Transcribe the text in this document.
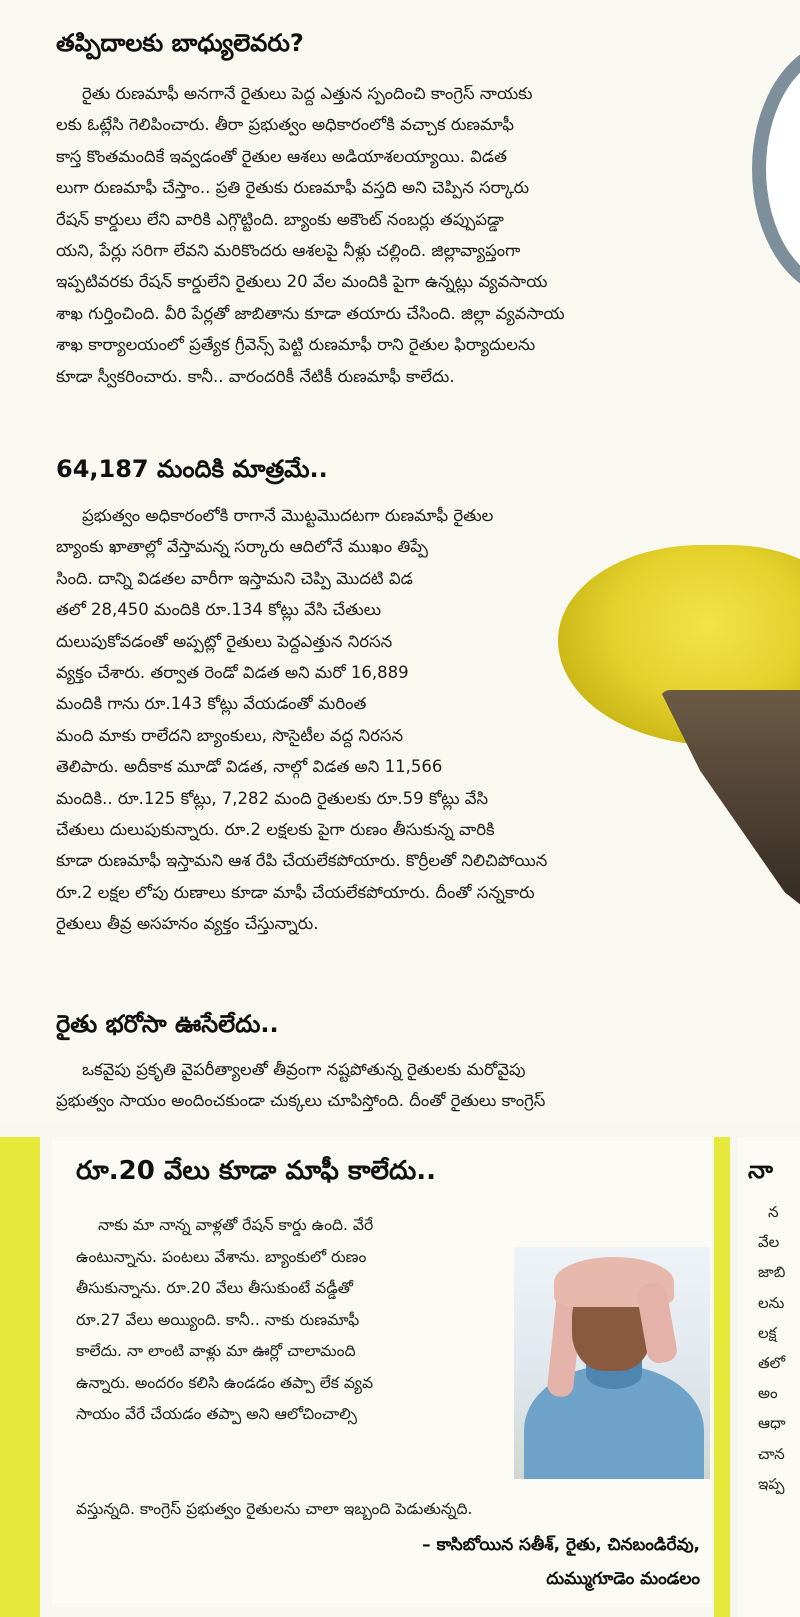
తప్పిదాలకు బాధ్యులెవరు?
రైతు రుణమాఫీ అనగానే రైతులు పెద్ద ఎత్తున స్పందించి కాంగ్రెస్ నాయకు
లకు ఓట్లేసి గెలిపించారు. తీరా ప్రభుత్వం అధికారంలోకి వచ్చాక రుణమాఫీ
కాస్త కొంతమందికే ఇవ్వడంతో రైతుల ఆశలు అడియాశలయ్యాయి. విడత
లుగా రుణమాఫీ చేస్తాం.. ప్రతి రైతుకు రుణమాఫీ వస్తది అని చెప్పిన సర్కారు
రేషన్ కార్డులు లేని వారికి ఎగ్గొట్టింది. బ్యాంకు అకౌంట్ నంబర్లు తప్పుపడ్డా
యని, పేర్లు సరిగా లేవని మరికొందరు ఆశలపై నీళ్లు చల్లింది. జిల్లావ్యాప్తంగా
ఇప్పటివరకు రేషన్ కార్డులేని రైతులు 20 వేల మందికి పైగా ఉన్నట్లు వ్యవసాయ
శాఖ గుర్తించింది. వీరి పేర్లతో జాబితాను కూడా తయారు చేసింది. జిల్లా వ్యవసాయ
శాఖ కార్యాలయంలో ప్రత్యేక గ్రీవెన్స్ పెట్టి రుణమాఫీ రాని రైతుల ఫిర్యాదులను
కూడా స్వీకరించారు. కానీ.. వారందరికీ నేటికీ రుణమాఫీ కాలేదు.
64,187 మందికి మాత్రమే..
ప్రభుత్వం అధికారంలోకి రాగానే మొట్టమొదటగా రుణమాఫీ రైతుల
బ్యాంకు ఖాతాల్లో వేస్తామన్న సర్కారు ఆదిలోనే ముఖం తిప్పే
సింది. దాన్ని విడతల వారీగా ఇస్తామని చెప్పి మొదటి విడ
తలో 28,450 మందికి రూ.134 కోట్లు వేసి చేతులు
దులుపుకోవడంతో అప్పట్లో రైతులు పెద్దఎత్తున నిరసన
వ్యక్తం చేశారు. తర్వాత రెండో విడత అని మరో 16,889
మందికి గాను రూ.143 కోట్లు వేయడంతో మరింత
మంది మాకు రాలేదని బ్యాంకులు, సొసైటీల వద్ద నిరసన
తెలిపారు. అదీకాక మూడో విడత, నాల్గో విడత అని 11,566
మందికి.. రూ.125 కోట్లు, 7,282 మంది రైతులకు రూ.59 కోట్లు వేసి
చేతులు దులుపుకున్నారు. రూ.2 లక్షలకు పైగా రుణం తీసుకున్న వారికి
కూడా రుణమాఫీ ఇస్తామని ఆశ రేపి చేయలేకపోయారు. కొర్రీలతో నిలిచిపోయిన
రూ.2 లక్షల లోపు రుణాలు కూడా మాఫీ చేయలేకపోయారు. దీంతో సన్నకారు
రైతులు తీవ్ర అసహనం వ్యక్తం చేస్తున్నారు.
రైతు భరోసా ఊసేలేదు..
ఒకవైపు ప్రకృతి వైపరీత్యాలతో తీవ్రంగా నష్టపోతున్న రైతులకు మరోవైపు
ప్రభుత్వం సాయం అందించకుండా చుక్కలు చూపిస్తోంది. దీంతో రైతులు కాంగ్రెస్
రూ.20 వేలు కూడా మాఫీ కాలేదు..
నాకు మా నాన్న వాళ్లతో రేషన్ కార్డు ఉంది. వేరే
ఉంటున్నాను. పంటలు వేశాను. బ్యాంకులో రుణం
తీసుకున్నాను. రూ.20 వేలు తీసుకుంటే వడ్డీతో
రూ.27 వేలు అయ్యింది. కానీ.. నాకు రుణమాఫీ
కాలేదు. నా లాంటి వాళ్లు మా ఊర్లో చాలామంది
ఉన్నారు. అందరం కలిసి ఉండడం తప్పా లేక వ్యవ
సాయం వేరే చేయడం తప్పా అని ఆలోచించాల్సి
వస్తున్నది. కాంగ్రెస్ ప్రభుత్వం రైతులను చాలా ఇబ్బంది పెడుతున్నది.
– కాసిబోయిన సతీశ్, రైతు, చినబండిరేవు,
దుమ్ముగూడెం మండలం
నా
న
వేల
జాబి
లను
లక్ష
తలో
అం
ఆధా
చాన
ఇప్ప
